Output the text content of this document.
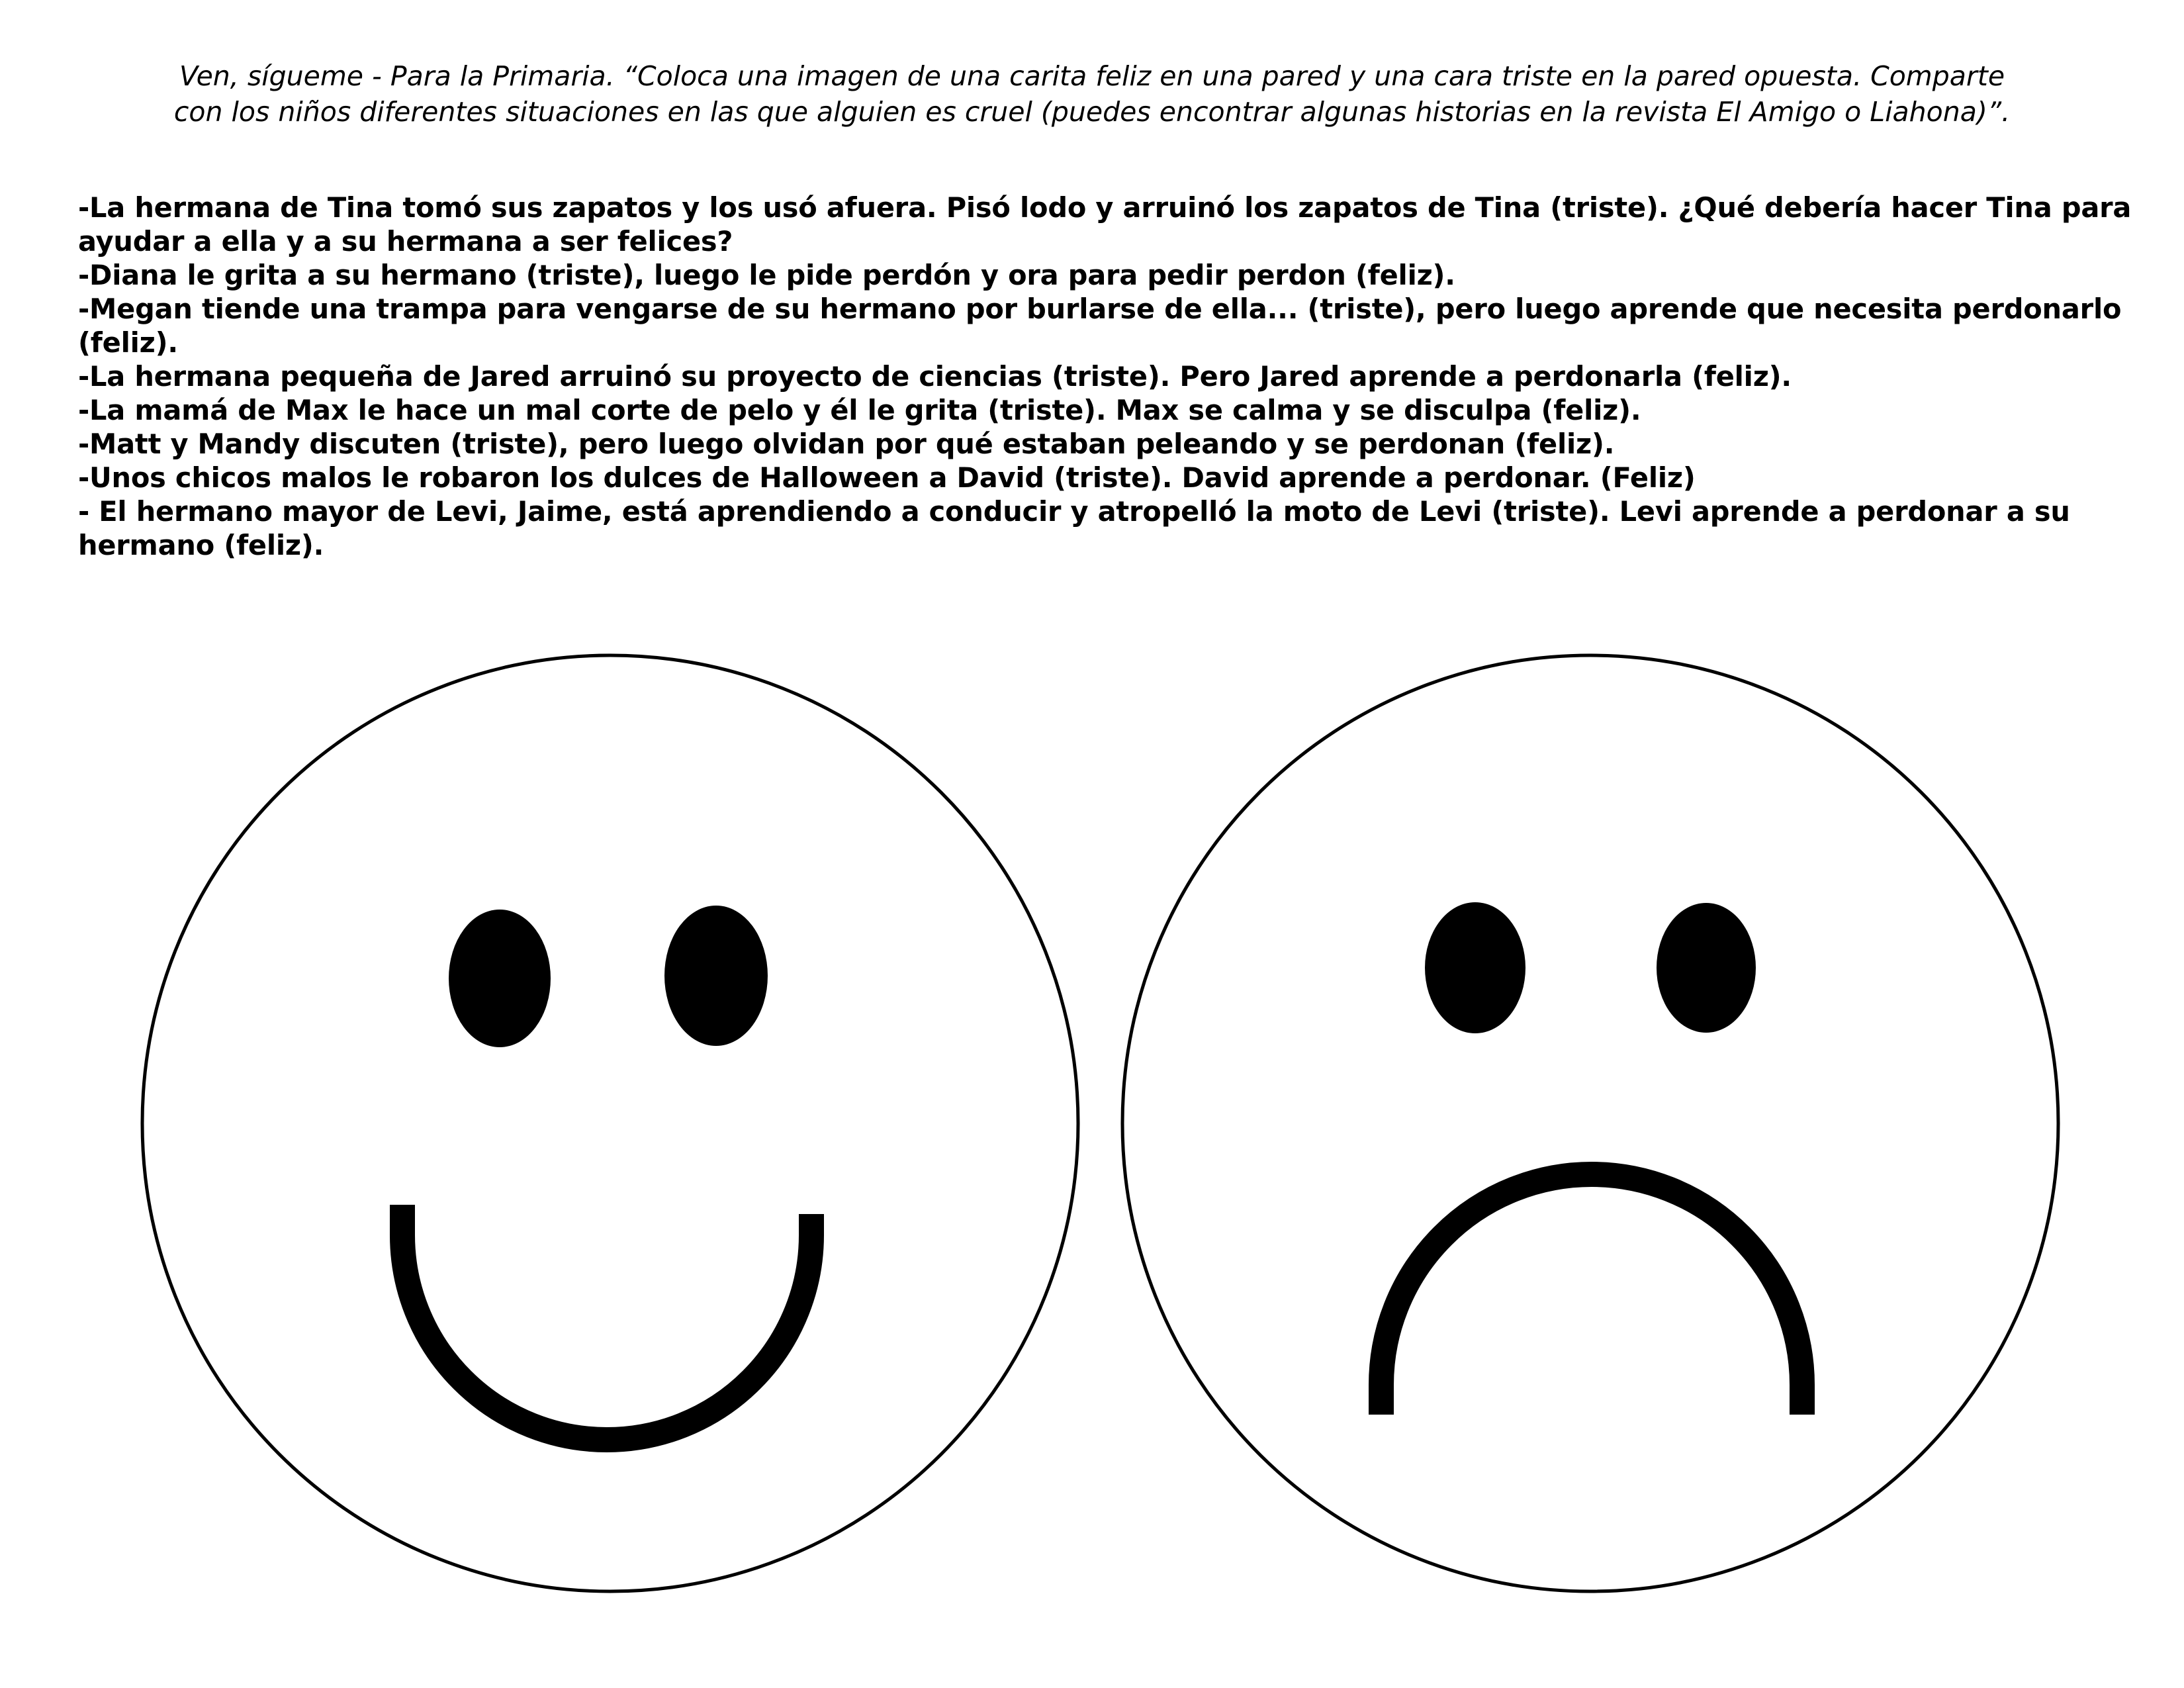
Ven, sígueme - Para la Primaria. “Coloca una imagen de una carita feliz en una pared y una cara triste en la pared opuesta. Comparte
con los niños diferentes situaciones en las que alguien es cruel (puedes encontrar algunas historias en la revista El Amigo o Liahona)”.
-La hermana de Tina tomó sus zapatos y los usó afuera. Pisó lodo y arruinó los zapatos de Tina (triste). ¿Qué debería hacer Tina para ayudar a ella y a su hermana a ser felices?
-Diana le grita a su hermano (triste), luego le pide perdón y ora para pedir perdon (feliz).
-Megan tiende una trampa para vengarse de su hermano por burlarse de ella... (triste), pero luego aprende que necesita perdonarlo (feliz).
-La hermana pequeña de Jared arruinó su proyecto de ciencias (triste). Pero Jared aprende a perdonarla (feliz).
-La mamá de Max le hace un mal corte de pelo y él le grita (triste). Max se calma y se disculpa (feliz).
-Matt y Mandy discuten (triste), pero luego olvidan por qué estaban peleando y se perdonan (feliz).
-Unos chicos malos le robaron los dulces de Halloween a David (triste). David aprende a perdonar. (Feliz)
- El hermano mayor de Levi, Jaime, está aprendiendo a conducir y atropelló la moto de Levi (triste). Levi aprende a perdonar a su hermano (feliz).
